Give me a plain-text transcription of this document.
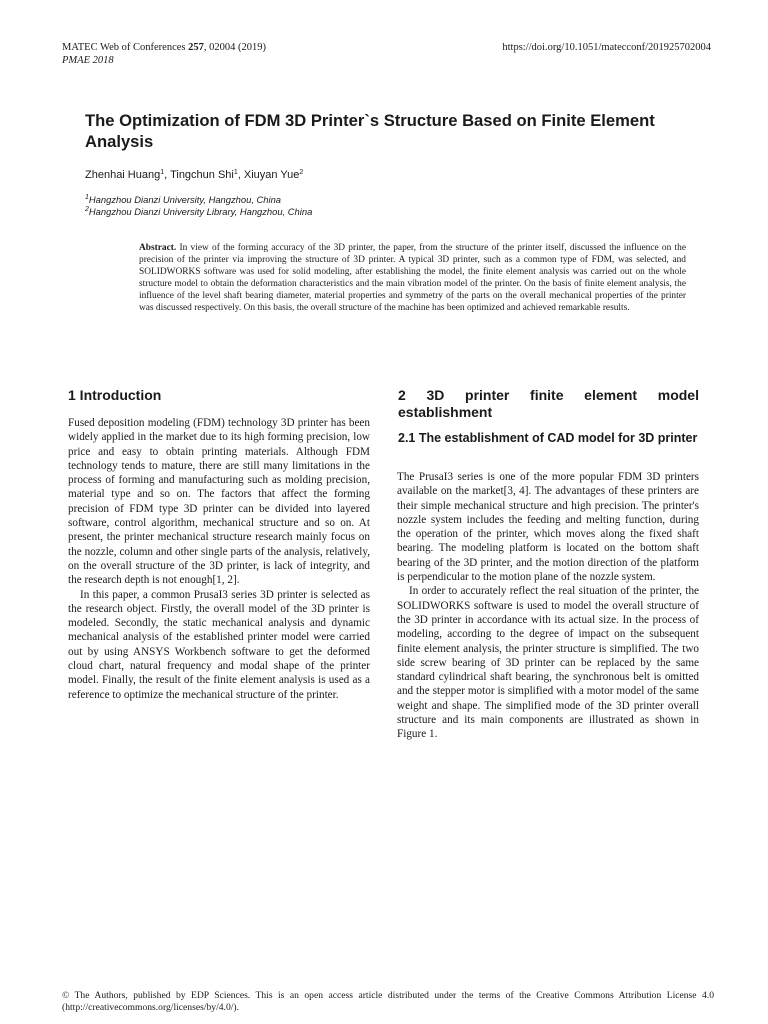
MATEC Web of Conferences 257, 02004 (2019)
PMAE 2018
https://doi.org/10.1051/matecconf/201925702004
The Optimization of FDM 3D Printer`s Structure Based on Finite Element Analysis
Zhenhai Huang$^1$, Tingchun Shi$^1$, Xiuyan Yue$^2$
$^1$Hangzhou Dianzi University, Hangzhou, China
$^2$Hangzhou Dianzi University Library, Hangzhou, China

Abstract. In view of the forming accuracy of the 3D printer, the paper, from the structure of the printer itself, discussed the influence on the precision of the printer via improving the structure of 3D printer. A typical 3D printer, such as a common type of FDM, was selected, and SOLIDWORKS software was used for solid modeling, after establishing the model, the finite element analysis was carried out on the whole structure model to obtain the deformation characteristics and the main vibration model of the printer. On the basis of finite element analysis, the influence of the level shaft bearing diameter, material properties and symmetry of the parts on the overall mechanical properties of the printer was discussed respectively. On this basis, the overall structure of the machine has been optimized and achieved remarkable results.

1 Introduction

Fused deposition modeling (FDM) technology 3D printer has been widely applied in the market due to its high forming precision, low price and easy to obtain printing materials. Although FDM technology tends to mature, there are still many limitations in the process of forming and manufacturing such as molding precision, material type and so on. The factors that affect the forming precision of FDM type 3D printer can be divided into layered software, control algorithm, mechanical structure and so on. At present, the printer mechanical structure research mainly focus on the nozzle, column and other single parts of the analysis, relatively, on the overall structure of the 3D printer, is lack of integrity, and the research depth is not enough[1, 2].

In this paper, a common PrusaI3 series 3D printer is selected as the research object. Firstly, the overall model of the 3D printer is modeled. Secondly, the static mechanical analysis and dynamic mechanical analysis of the established printer model were carried out by using ANSYS Workbench software to get the deformed cloud chart, natural frequency and modal shape of the printer model. Finally, the result of the finite element analysis is used as a reference to optimize the mechanical structure of the printer.

2 3D printer finite element model establishment
2.1 The establishment of CAD model for 3D printer

The PrusaI3 series is one of the more popular FDM 3D printers available on the market[3, 4]. The advantages of these printers are their simple mechanical structure and high precision. The printer's nozzle system includes the feeding and melting function, during the operation of the printer, which moves along the fixed shaft bearing. The modeling platform is located on the bottom shaft bearing of the 3D printer, and the motion direction of the platform is perpendicular to the motion plane of the nozzle system.

In order to accurately reflect the real situation of the printer, the SOLIDWORKS software is used to model the overall structure of the 3D printer in accordance with its actual size. In the process of modeling, according to the degree of impact on the subsequent finite element analysis, the printer structure is simplified. The two side screw bearing of 3D printer can be replaced by the same standard cylindrical shaft bearing, the synchronous belt is omitted and the stepper motor is simplified with a motor model of the same weight and shape. The simplified mode of the 3D printer overall structure and its main components are illustrated as shown in Figure 1.

© The Authors, published by EDP Sciences. This is an open access article distributed under the terms of the Creative Commons Attribution License 4.0 (http://creativecommons.org/licenses/by/4.0/).
